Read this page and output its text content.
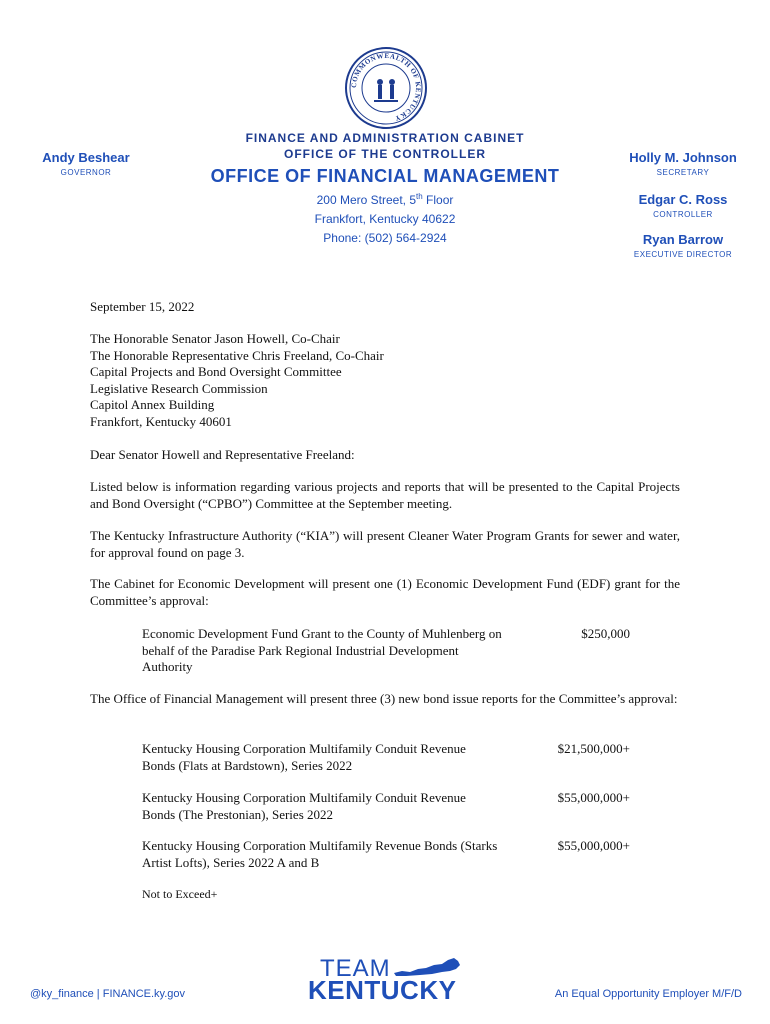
COMMONWEALTH OF KENTUCKY
FINANCE AND ADMINISTRATION CABINET
OFFICE OF THE CONTROLLER
OFFICE OF FINANCIAL MANAGEMENT
200 Mero Street, 5th Floor
Frankfort, Kentucky 40622
Phone: (502) 564-2924
Andy Beshear
GOVERNOR
Holly M. Johnson
SECRETARY
Edgar C. Ross
CONTROLLER
Ryan Barrow
EXECUTIVE DIRECTOR
September 15, 2022
The Honorable Senator Jason Howell, Co-Chair
The Honorable Representative Chris Freeland, Co-Chair
Capital Projects and Bond Oversight Committee
Legislative Research Commission
Capitol Annex Building
Frankfort, Kentucky 40601
Dear Senator Howell and Representative Freeland:
Listed below is information regarding various projects and reports that will be presented to the Capital Projects and Bond Oversight (“CPBO”) Committee at the September meeting.
The Kentucky Infrastructure Authority (“KIA”) will present Cleaner Water Program Grants for sewer and water, for approval found on page 3.
The Cabinet for Economic Development will present one (1) Economic Development Fund (EDF) grant for the Committee’s approval:
Economic Development Fund Grant to the County of Muhlenberg on behalf of the Paradise Park Regional Industrial Development Authority
$250,000
The Office of Financial Management will present three (3) new bond issue reports for the Committee’s approval:
Kentucky Housing Corporation Multifamily Conduit Revenue Bonds (Flats at Bardstown), Series 2022
$21,500,000+
Kentucky Housing Corporation Multifamily Conduit Revenue Bonds (The Prestonian), Series 2022
$55,000,000+
Kentucky Housing Corporation Multifamily Revenue Bonds (Starks Artist Lofts), Series 2022 A and B
$55,000,000+
Not to Exceed+
@ky_finance | FINANCE.ky.gov
TEAM
KENTUCKY	An Equal Opportunity Employer M/F/D
